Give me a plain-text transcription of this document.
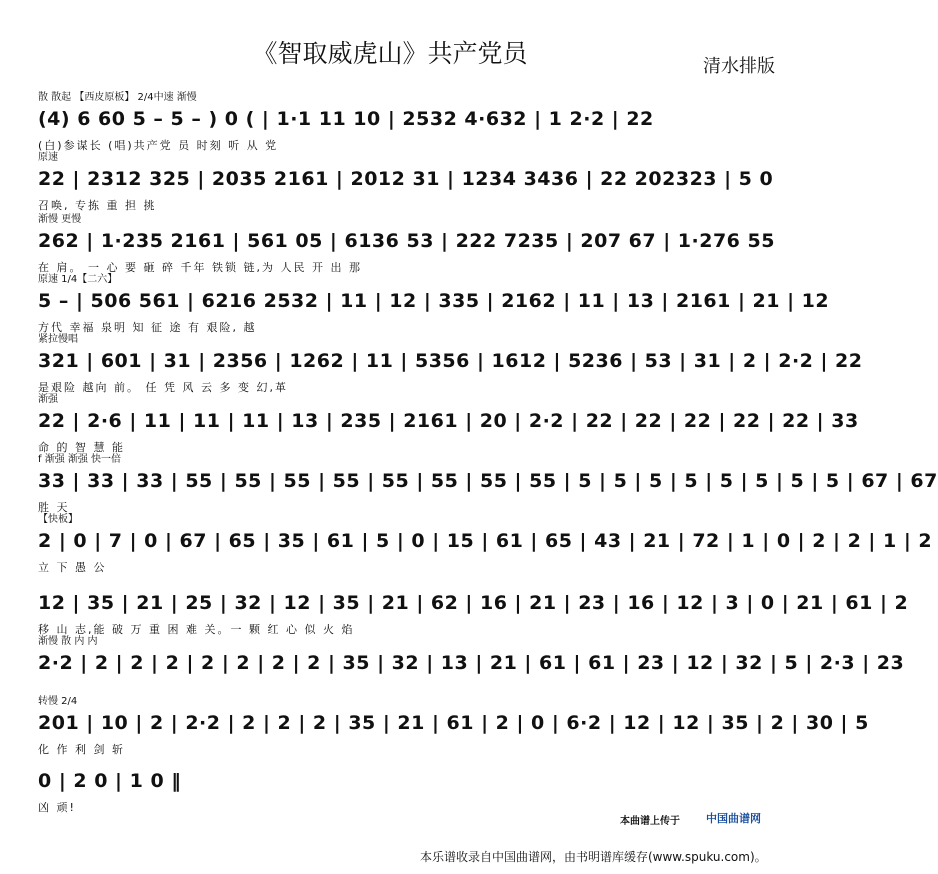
《智取威虎山》共产党员	清水排版
散 散起 【西皮原板】 2/4中速 渐慢
(4) 6 60 5 – 5 – ) 0 ( | 1·1 11 10 | 2532 4·632 | 1 2·2 | 22
(白)参谋长 (唱)共产党 员 时刻 听 从 党
原速
22 | 2312 325 | 2035 2161 | 2012 31 | 1234 3436 | 22 202323 | 5 0
召唤, 专拣 重 担 挑
渐慢 更慢
262 | 1·235 2161 | 561 05 | 6136 53 | 222 7235 | 207 67 | 1·276 55
在 肩。 一 心 要 砸 碎 千年 铁锁 链,为 人民 开 出 那
原速 1/4【二六】
5 – | 506 561 | 6216 2532 | 11 | 12 | 335 | 2162 | 11 | 13 | 2161 | 21 | 12
方代 幸福 泉明 知 征 途 有 艰险, 越
紧拉慢唱
321 | 601 | 31 | 2356 | 1262 | 11 | 5356 | 1612 | 5236 | 53 | 31 | 2 | 2·2 | 22
是艰险 越向 前。 任 凭 风 云 多 变 幻,革
渐强
22 | 2·6 | 11 | 11 | 11 | 13 | 235 | 2161 | 20 | 2·2 | 22 | 22 | 22 | 22 | 22 | 33
命 的 智 慧 能
f 渐强 渐强 快一倍
33 | 33 | 33 | 55 | 55 | 55 | 55 | 55 | 55 | 55 | 55 | 5 | 5 | 5 | 5 | 5 | 5 | 5 | 5 | 67 | 67
胜 天
【快板】
2 | 0 | 7 | 0 | 67 | 65 | 35 | 61 | 5 | 0 | 15 | 61 | 65 | 43 | 21 | 72 | 1 | 0 | 2 | 2 | 1 | 2
立 下 愚 公
12 | 35 | 21 | 25 | 32 | 12 | 35 | 21 | 62 | 16 | 21 | 23 | 16 | 12 | 3 | 0 | 21 | 61 | 2
移 山 志,能 破 万 重 困 难 关。一 颗 红 心 似 火 焰
渐慢 散 内 内
2·2 | 2 | 2 | 2 | 2 | 2 | 2 | 2 | 35 | 32 | 13 | 21 | 61 | 61 | 23 | 12 | 32 | 5 | 2·3 | 23
转慢 2/4
201 | 10 | 2 | 2·2 | 2 | 2 | 2 | 35 | 21 | 61 | 2 | 0 | 6·2 | 12 | 12 | 35 | 2 | 30 | 5
化 作 利 剑 斩
0 | 2 0 | 1 0 ‖
凶 顽!
本曲谱上传于 中国曲谱网
本乐谱收录自中国曲谱网，由书明谱库缓存(www.spuku.com)。
